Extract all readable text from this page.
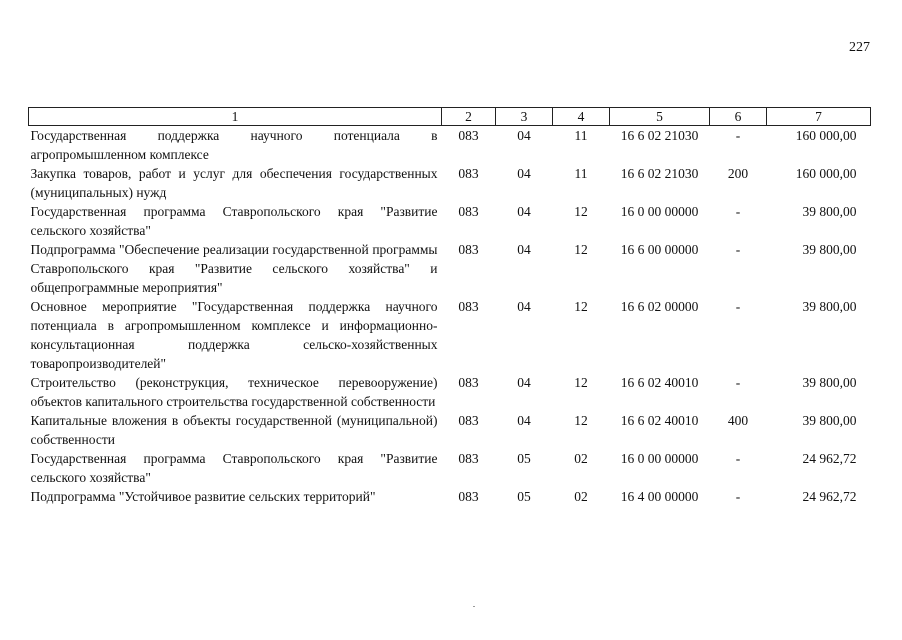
227
1	2	3	4	5	6	7
Государственная поддержка научного потенциала в агропромышленном комплексе	083	04	11	16 6 02 21030	-	160 000,00
Закупка товаров, работ и услуг для обеспечения государственных (муниципальных) нужд	083	04	11	16 6 02 21030	200	160 000,00
Государственная программа Ставропольского края "Развитие сельского хозяйства"	083	04	12	16 0 00 00000	-	39 800,00
Подпрограмма "Обеспечение реализации государственной программы Ставропольского края "Развитие сельского хозяйства" и общепрограммные мероприятия"	083	04	12	16 6 00 00000	-	39 800,00
Основное мероприятие "Государственная поддержка научного потенциала в агропромышленном комплексе и информационно-консультационная поддержка сельско-хозяйственных товаропроизводителей"	083	04	12	16 6 02 00000	-	39 800,00
Строительство (реконструкция, техническое перевооружение) объектов капитального строительства государственной собственности	083	04	12	16 6 02 40010	-	39 800,00
Капитальные вложения в объекты государственной (муниципальной) собственности	083	04	12	16 6 02 40010	400	39 800,00
Государственная программа Ставропольского края "Развитие сельского хозяйства"	083	05	02	16 0 00 00000	-	24 962,72
Подпрограмма "Устойчивое развитие сельских территорий"	083	05	02	16 4 00 00000	-	24 962,72
